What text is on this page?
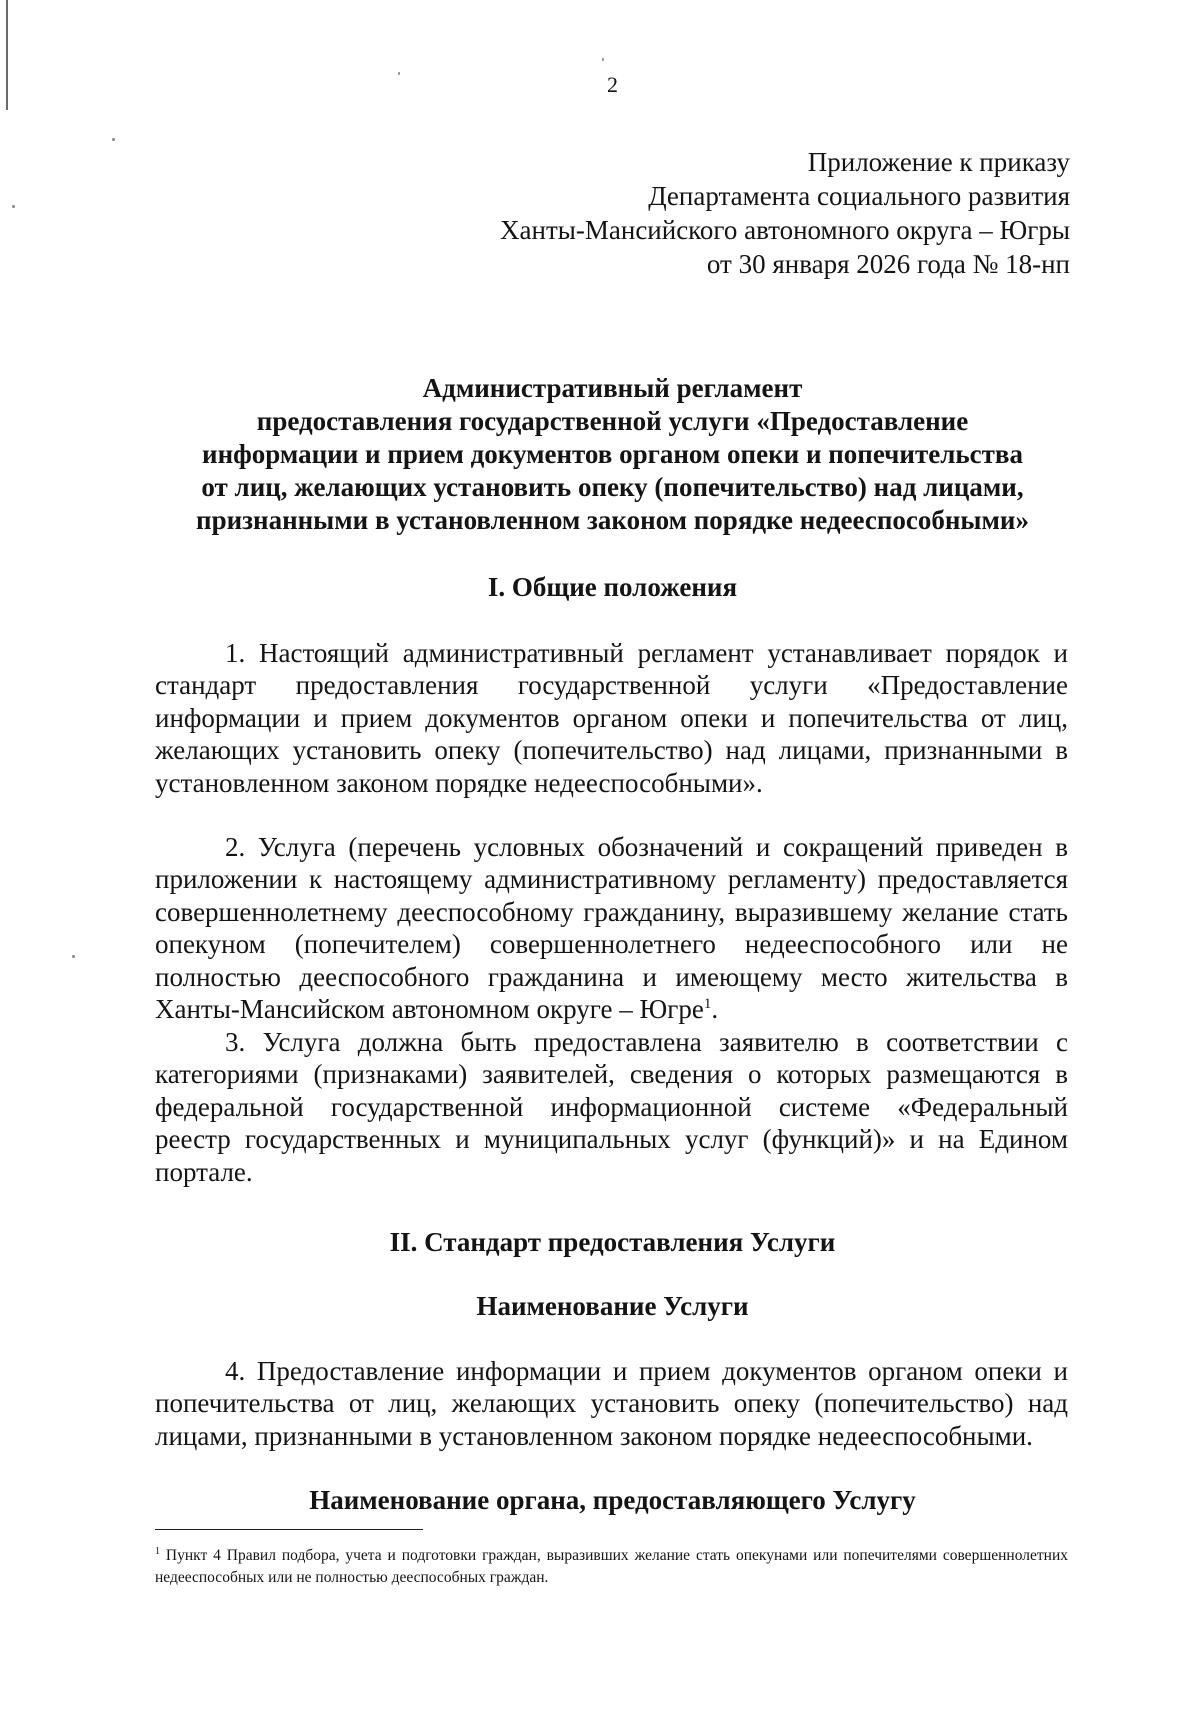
2
Приложение к приказу
Департамента социального развития
Ханты-Мансийского автономного округа – Югры
от 30 января 2026 года № 18-нп
Административный регламент
предоставления государственной услуги «Предоставление
информации и прием документов органом опеки и попечительства
от лиц, желающих установить опеку (попечительство) над лицами,
признанными в установленном законом порядке недееспособными»
I. Общие положения
1. Настоящий административный регламент устанавливает порядок и стандарт предоставления государственной услуги «Предоставление информации и прием документов органом опеки и попечительства от лиц, желающих установить опеку (попечительство) над лицами, признанными в установленном законом порядке недееспособными».
2. Услуга (перечень условных обозначений и сокращений приведен в приложении к настоящему административному регламенту) предоставляется совершеннолетнему дееспособному гражданину, выразившему желание стать опекуном (попечителем) совершеннолетнего недееспособного или не полностью дееспособного гражданина и имеющему место жительства в Ханты-Мансийском автономном округе – Югре$^1$.
3. Услуга должна быть предоставлена заявителю в соответствии с категориями (признаками) заявителей, сведения о которых размещаются в федеральной государственной информационной системе «Федеральный реестр государственных и муниципальных услуг (функций)» и на Едином портале.
II. Стандарт предоставления Услуги
Наименование Услуги
4. Предоставление информации и прием документов органом опеки и попечительства от лиц, желающих установить опеку (попечительство) над лицами, признанными в установленном законом порядке недееспособными.
Наименование органа, предоставляющего Услугу
$^1$ Пункт 4 Правил подбора, учета и подготовки граждан, выразивших желание стать опекунами или попечителями совершеннолетних недееспособных или не полностью дееспособных граждан.
